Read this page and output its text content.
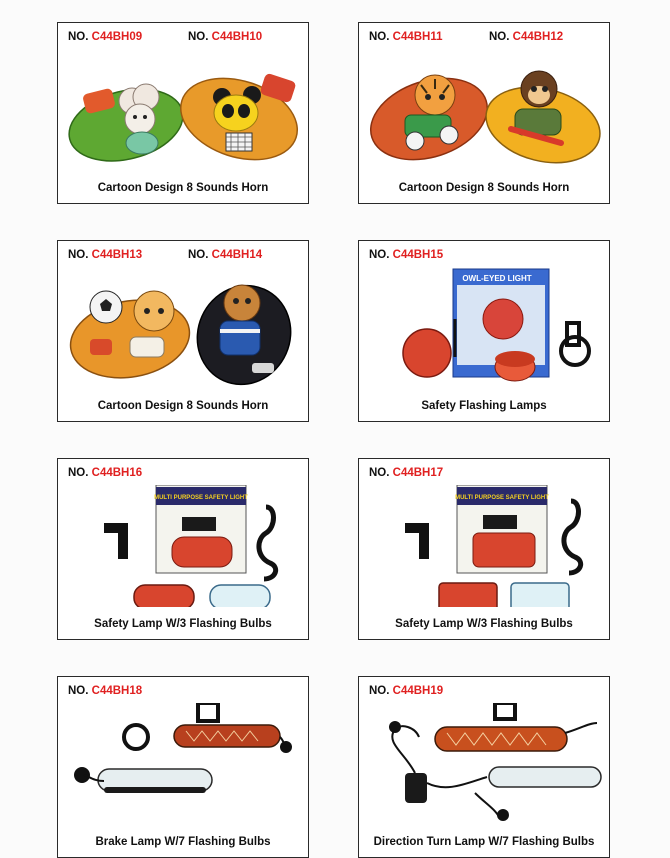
NO. C44BH09	NO. C44BH10
Cartoon Design 8 Sounds Horn
NO. C44BH11	NO. C44BH12
Cartoon Design 8 Sounds Horn
NO. C44BH13	NO. C44BH14
Cartoon Design 8 Sounds Horn
NO. C44BH15
OWL-EYED LIGHT
Safety Flashing Lamps
NO. C44BH16
MULTI PURPOSE SAFETY LIGHT
Safety Lamp W/3 Flashing Bulbs
NO. C44BH17
MULTI PURPOSE SAFETY LIGHT
Safety Lamp W/3 Flashing Bulbs
NO. C44BH18
Brake Lamp W/7 Flashing Bulbs
NO. C44BH19
Direction Turn Lamp W/7 Flashing Bulbs
